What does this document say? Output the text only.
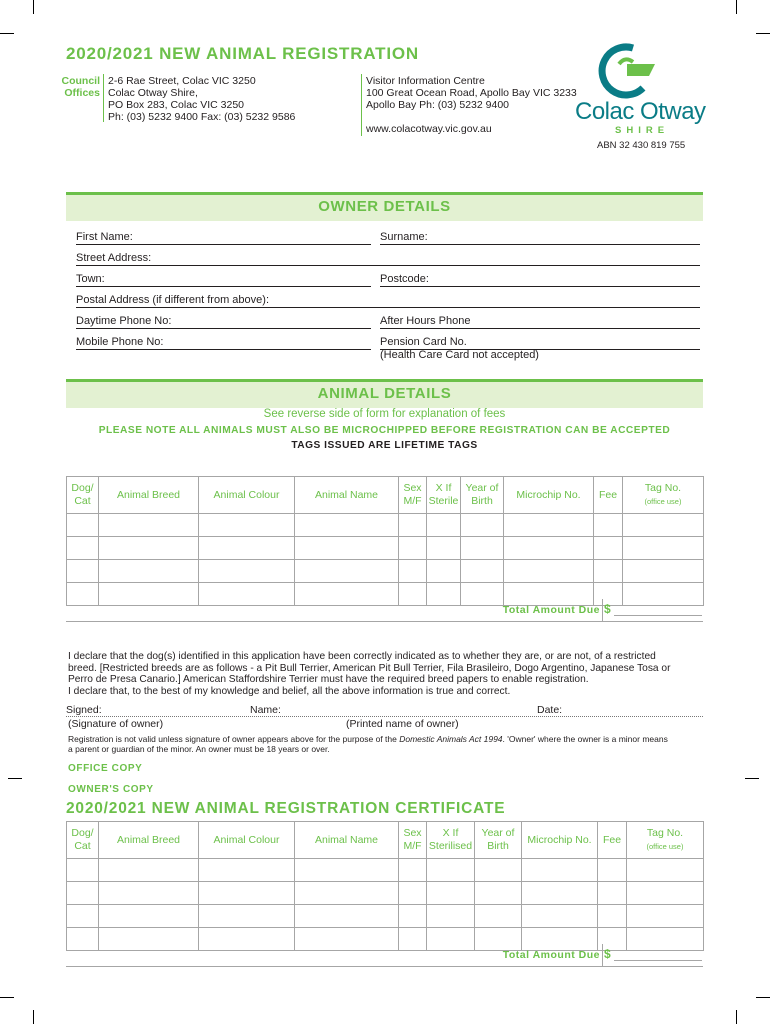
2020/2021 NEW ANIMAL REGISTRATION
Council
Offices
2-6 Rae Street, Colac VIC 3250
Colac Otway Shire,
PO Box 283, Colac VIC 3250
Ph: (03) 5232 9400 Fax: (03) 5232 9586
Visitor Information Centre
100 Great Ocean Road, Apollo Bay VIC 3233
Apollo Bay Ph: (03) 5232 9400
www.colacotway.vic.gov.au
Colac Otway
SHIRE
ABN 32 430 819 755
OWNER DETAILS
First Name:	Surname:
Street Address:
Town:	Postcode:
Postal Address (if different from above):
Daytime Phone No:	After Hours Phone
Mobile Phone No:	Pension Card No.
(Health Care Card not accepted)
ANIMAL DETAILS
See reverse side of form for explanation of fees
PLEASE NOTE ALL ANIMALS MUST ALSO BE MICROCHIPPED BEFORE REGISTRATION CAN BE ACCEPTED
TAGS ISSUED ARE LIFETIME TAGS
Dog/ Cat	Animal Breed	Animal Colour	Animal Name	Sex M/F	X If Sterile	Year of Birth	Microchip No.	Fee	Tag No.
(office use)

Total Amount Due $
I declare that the dog(s) identified in this application have been correctly indicated as to whether they are, or are not, of a restricted
breed. [Restricted breeds are as follows - a Pit Bull Terrier, American Pit Bull Terrier, Fila Brasileiro, Dogo Argentino, Japanese Tosa or
Perro de Presa Canario.] American Staffordshire Terrier must have the required breed papers to enable registration.
I declare that, to the best of my knowledge and belief, all the above information is true and correct.
Signed:	Name:	Date:
(Signature of owner)	(Printed name of owner)
Registration is not valid unless signature of owner appears above for the purpose of the Domestic Animals Act 1994. 'Owner' where the owner is a minor means
a parent or guardian of the minor. An owner must be 18 years or over.
OFFICE COPY
OWNER'S COPY
2020/2021 NEW ANIMAL REGISTRATION CERTIFICATE
Dog/ Cat	Animal Breed	Animal Colour	Animal Name	Sex M/F	X If Sterilised	Year of Birth	Microchip No.	Fee	Tag No.
(office use)

Total Amount Due $
